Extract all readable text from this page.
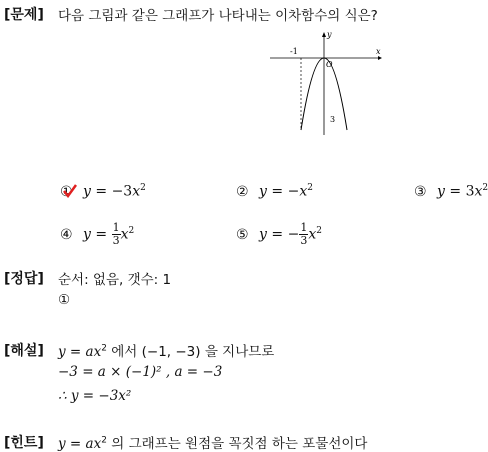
[문제] 다음 그림과 같은 그래프가 나타내는 이차함수의 식은?
-1
O
3
x
y
① $y = -3x^2$	② $y = -x^2$	③ $y = 3x^2$
④ $y = \frac{1}{3} x^2$	⑤ y = − $\frac{1}{3} x^2$
[정답] 순서: 없음, 갯수: 1
①
[해설] $y = ax^2$ 에서 (−1, −3) 을 지나므로
−3 = a × (−1)² , a = −3
∴ y = −3x²
[힌트] $y = ax^2$ 의 그래프는 원점을 꼭짓점 하는 포물선이다
